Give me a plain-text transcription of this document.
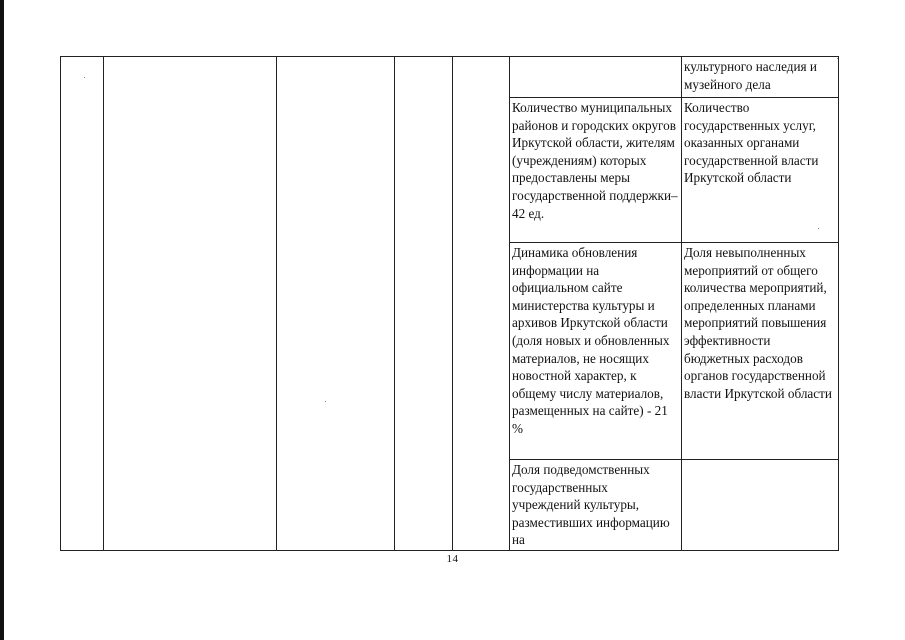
						культурного наследия и музейного дела
					Количество муниципальных районов и городских округов Иркутской области, жителям (учреждениям) которых предоставлены меры государственной поддержки–42 ед.	Количество государственных услуг, оказанных органами государственной власти Иркутской области
					Динамика обновления информации на официальном сайте министерства культуры и архивов Иркутской области (доля новых и обновленных материалов, не носящих новостной характер, к общему числу материалов, размещенных на сайте) - 21 %	Доля невыполненных мероприятий от общего количества мероприятий, определенных планами мероприятий повышения эффективности бюджетных расходов органов государственной власти Иркутской области
					Доля подведомственных государственных учреждений культуры, разместивших информацию на	
14
